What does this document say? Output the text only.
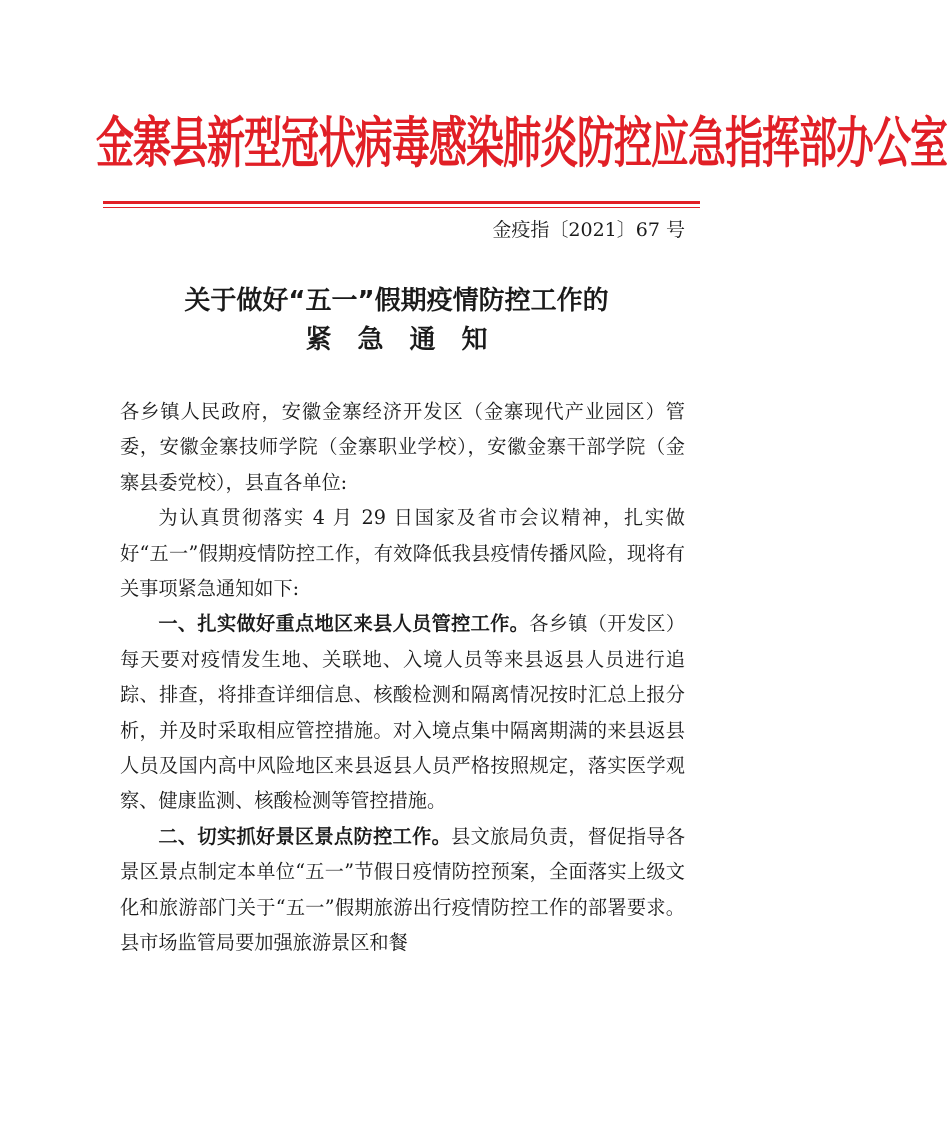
金寨县新型冠状病毒感染肺炎防控应急指挥部办公室
金疫指〔2021〕67 号
关于做好“五一”假期疫情防控工作的
紧急通知

各乡镇人民政府，安徽金寨经济开发区（金寨现代产业园区）管委，安徽金寨技师学院（金寨职业学校），安徽金寨干部学院（金寨县委党校），县直各单位:

为认真贯彻落实 4 月 29 日国家及省市会议精神，扎实做好“五一”假期疫情防控工作，有效降低我县疫情传播风险，现将有关事项紧急通知如下:

一、扎实做好重点地区来县人员管控工作。各乡镇（开发区）每天要对疫情发生地、关联地、入境人员等来县返县人员进行追踪、排查，将排查详细信息、核酸检测和隔离情况按时汇总上报分析，并及时采取相应管控措施。对入境点集中隔离期满的来县返县人员及国内高中风险地区来县返县人员严格按照规定，落实医学观察、健康监测、核酸检测等管控措施。

二、切实抓好景区景点防控工作。县文旅局负责，督促指导各景区景点制定本单位“五一”节假日疫情防控预案，全面落实上级文化和旅游部门关于“五一”假期旅游出行疫情防控工作的部署要求。县市场监管局要加强旅游景区和餐
